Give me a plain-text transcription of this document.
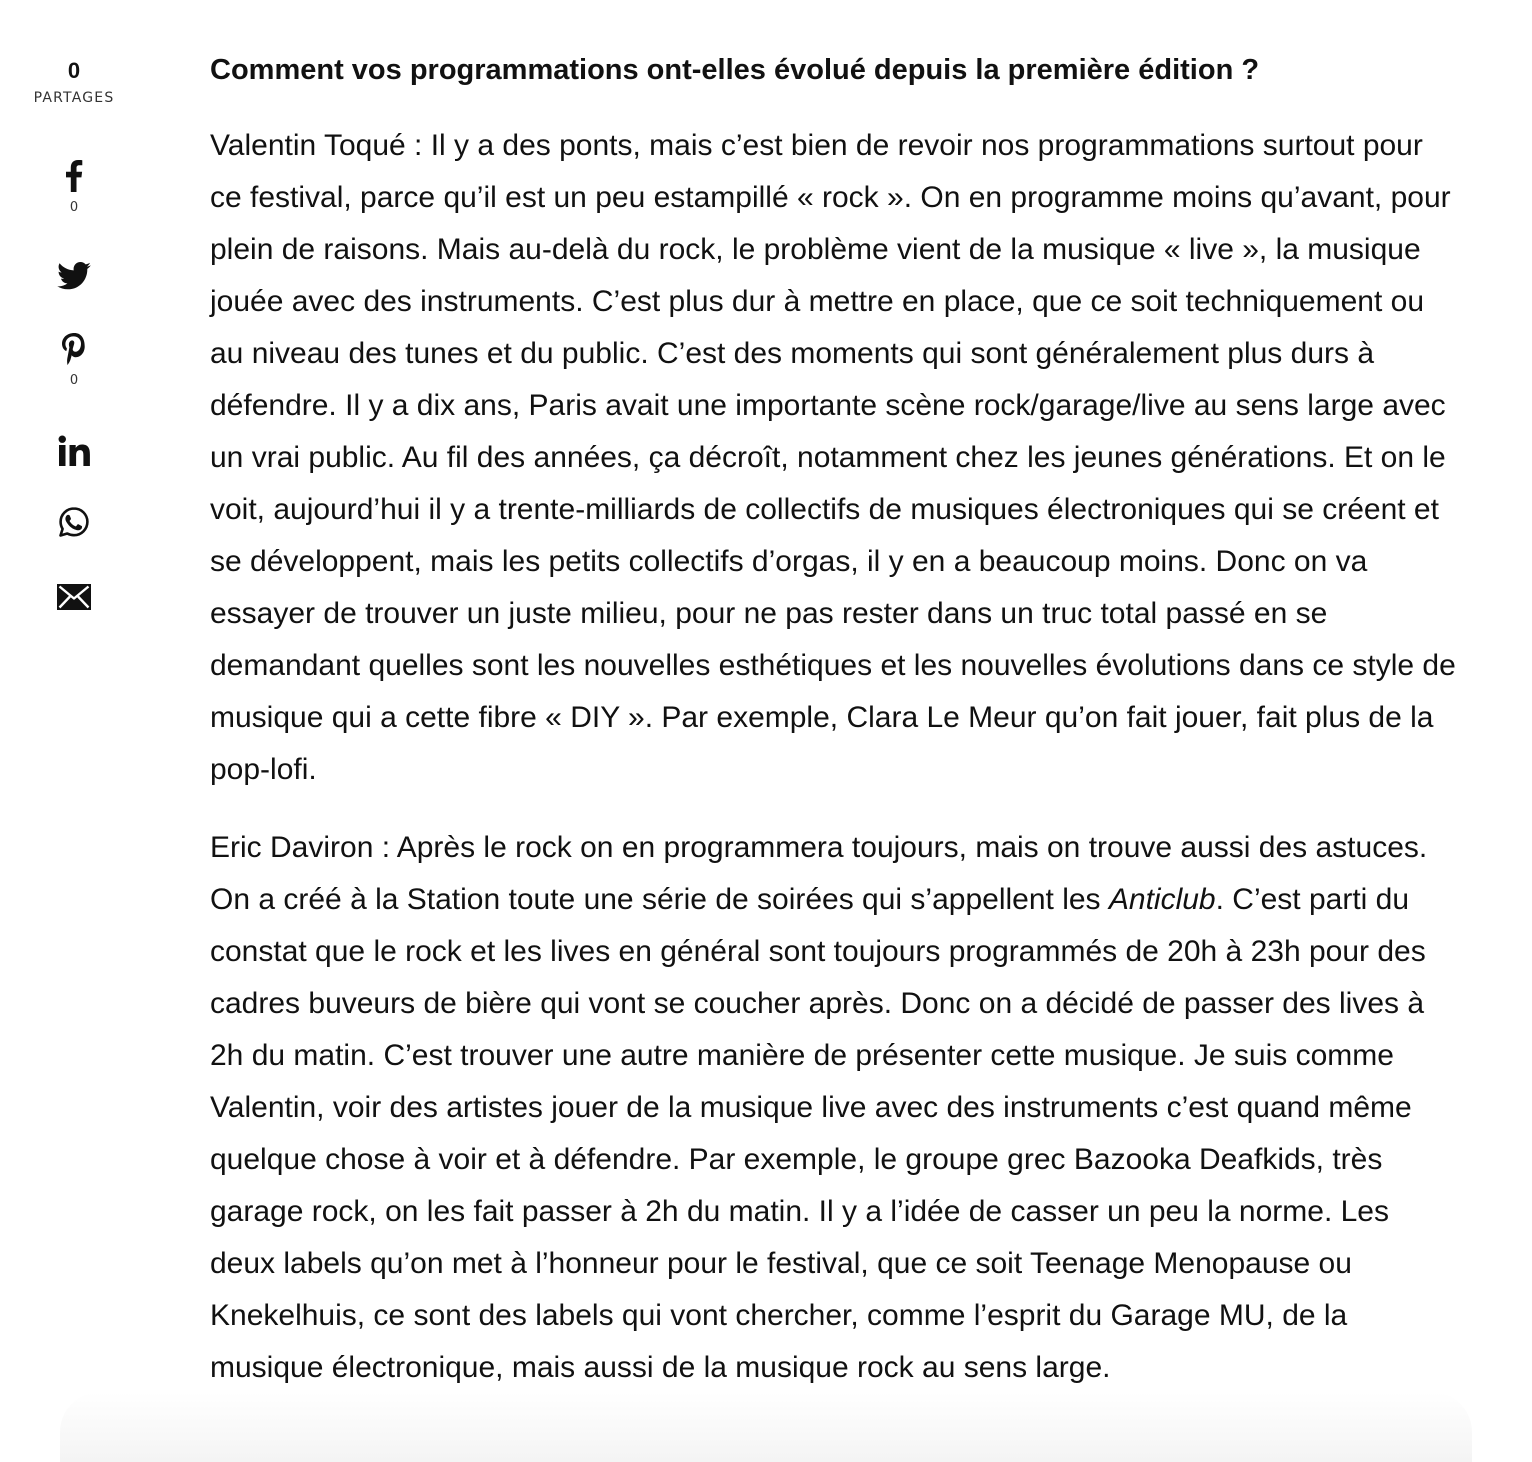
0
PARTAGES
0
0
Comment vos programmations ont-elles évolué depuis la première édition ?

Valentin Toqué : Il y a des ponts, mais c’est bien de revoir nos programmations surtout pour ce festival, parce qu’il est un peu estampillé « rock ». On en programme moins qu’avant, pour plein de raisons. Mais au-delà du rock, le problème vient de la musique « live », la musique jouée avec des instruments. C’est plus dur à mettre en place, que ce soit techniquement ou au niveau des tunes et du public. C’est des moments qui sont généralement plus durs à défendre. Il y a dix ans, Paris avait une importante scène rock/garage/live au sens large avec un vrai public. Au fil des années, ça décroît, notamment chez les jeunes générations. Et on le voit, aujourd’hui il y a trente-milliards de collectifs de musiques électroniques qui se créent et se développent, mais les petits collectifs d’orgas, il y en a beaucoup moins. Donc on va essayer de trouver un juste milieu, pour ne pas rester dans un truc total passé en se demandant quelles sont les nouvelles esthétiques et les nouvelles évolutions dans ce style de musique qui a cette fibre « DIY ». Par exemple, Clara Le Meur qu’on fait jouer, fait plus de la pop-lofi.

Eric Daviron : Après le rock on en programmera toujours, mais on trouve aussi des astuces. On a créé à la Station toute une série de soirées qui s’appellent les Anticlub. C’est parti du constat que le rock et les lives en général sont toujours programmés de 20h à 23h pour des cadres buveurs de bière qui vont se coucher après. Donc on a décidé de passer des lives à 2h du matin. C’est trouver une autre manière de présenter cette musique. Je suis comme Valentin, voir des artistes jouer de la musique live avec des instruments c’est quand même quelque chose à voir et à défendre. Par exemple, le groupe grec Bazooka Deafkids, très garage rock, on les fait passer à 2h du matin. Il y a l’idée de casser un peu la norme. Les deux labels qu’on met à l’honneur pour le festival, que ce soit Teenage Menopause ou Knekelhuis, ce sont des labels qui vont chercher, comme l’esprit du Garage MU, de la musique électronique, mais aussi de la musique rock au sens large.
